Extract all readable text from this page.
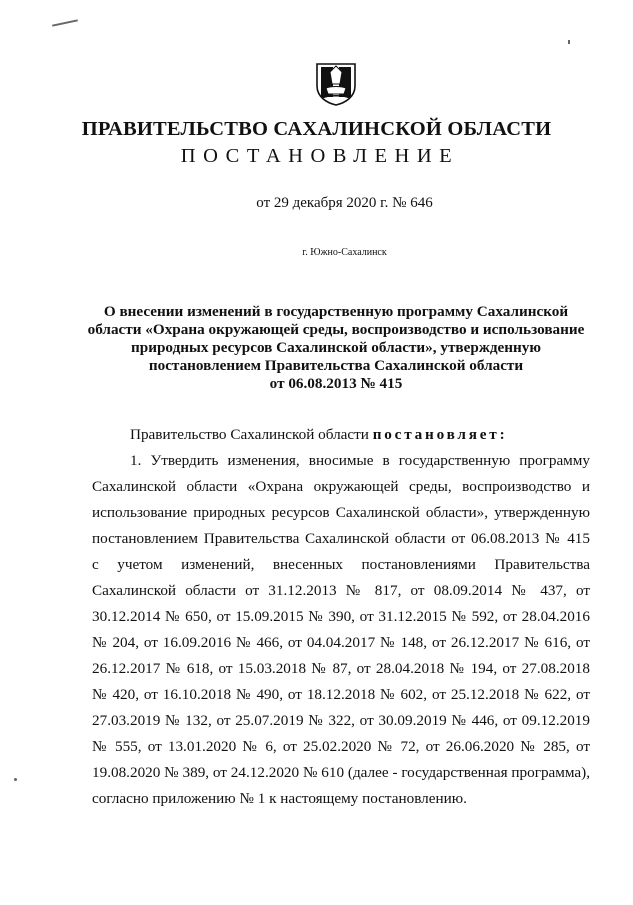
ПРАВИТЕЛЬСТВО САХАЛИНСКОЙ ОБЛАСТИ
ПОСТАНОВЛЕНИЕ
от 29 декабря 2020 г. № 646
г. Южно-Сахалинск
О внесении изменений в государственную программу Сахалинской
области «Охрана окружающей среды, воспроизводство и использование
природных ресурсов Сахалинской области», утвержденную
постановлением Правительства Сахалинской области
от 06.08.2013 № 415
Правительство Сахалинской области постановляет:
1. Утвердить изменения, вносимые в государственную программу
Сахалинской области «Охрана окружающей среды, воспроизводство и
использование природных ресурсов Сахалинской области», утвержденную
постановлением Правительства Сахалинской области от 06.08.2013 № 415
с учетом изменений, внесенных постановлениями Правительства
Сахалинской области от 31.12.2013 № 817, от 08.09.2014 № 437, от
30.12.2014 № 650, от 15.09.2015 № 390, от 31.12.2015 № 592, от 28.04.2016
№ 204, от 16.09.2016 № 466, от 04.04.2017 № 148, от 26.12.2017 № 616, от
26.12.2017 № 618, от 15.03.2018 № 87, от 28.04.2018 № 194, от 27.08.2018
№ 420, от 16.10.2018 № 490, от 18.12.2018 № 602, от 25.12.2018 № 622, от
27.03.2019 № 132, от 25.07.2019 № 322, от 30.09.2019 № 446, от 09.12.2019
№ 555, от 13.01.2020 № 6, от 25.02.2020 № 72, от 26.06.2020 № 285, от
19.08.2020 № 389, от 24.12.2020 № 610 (далее - государственная программа),
согласно приложению № 1 к настоящему постановлению.
